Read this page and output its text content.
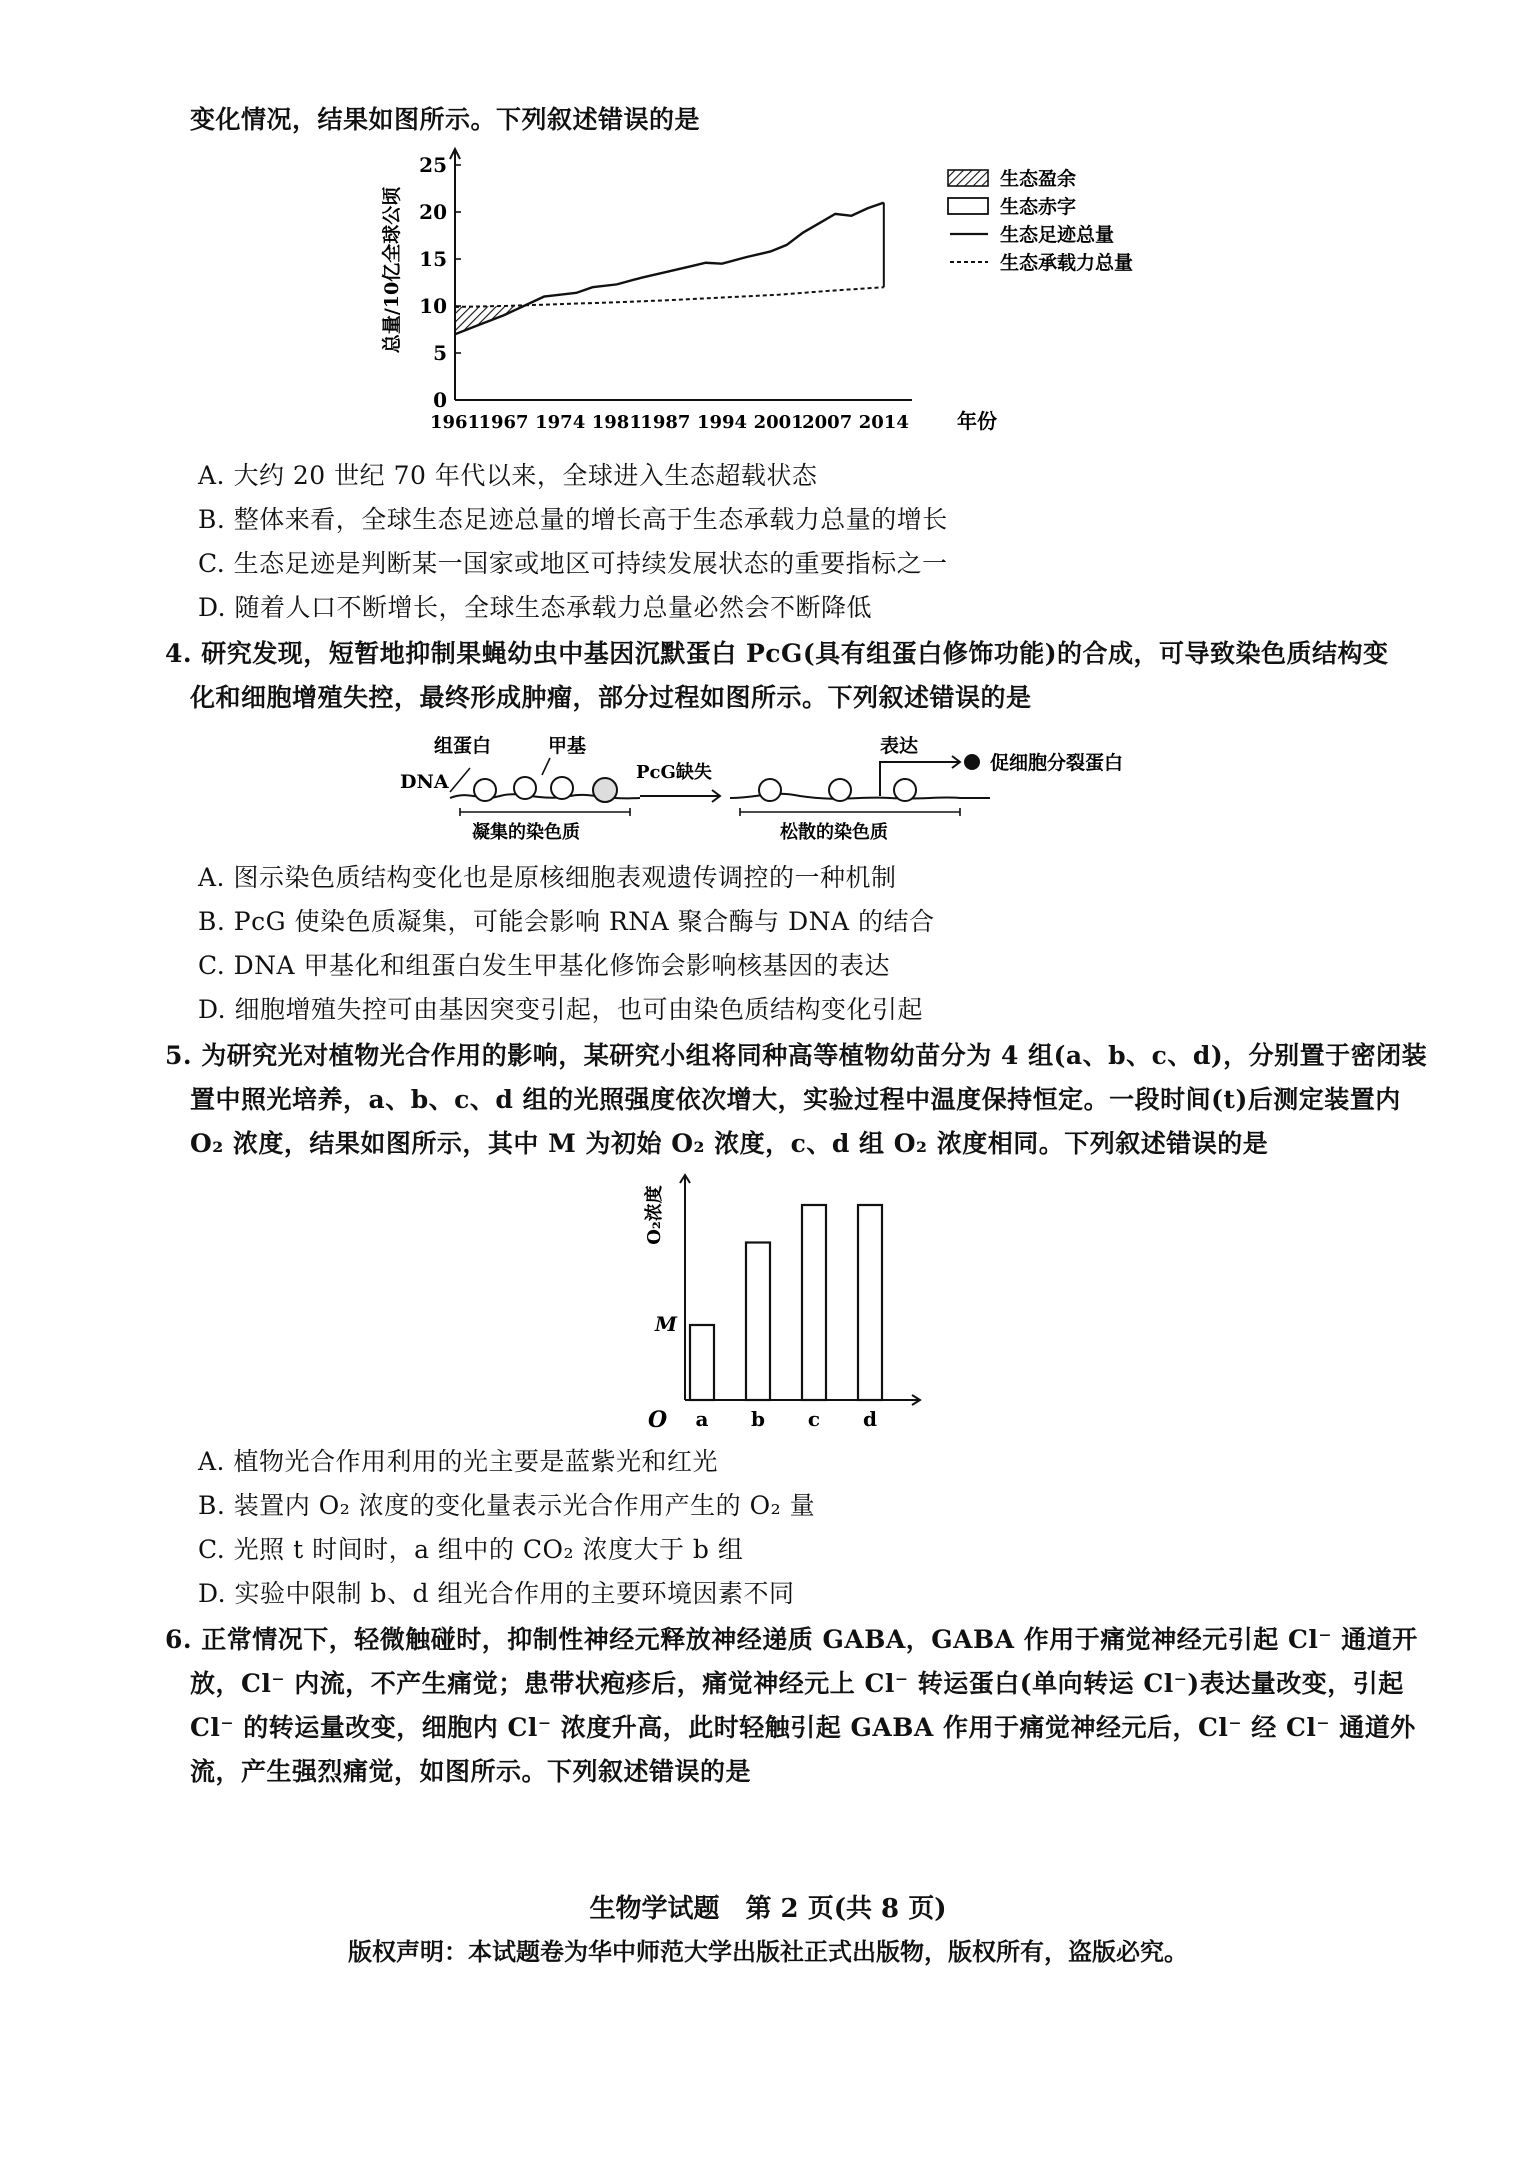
变化情况，结果如图所示。下列叙述错误的是
0
5
10
15
20
25
1961
1967 1974 1981
1987 1994 2001
2007 2014
总量/10亿全球公顷
年份
生态盈余
生态赤字
生态足迹总量
生态承载力总量
A. 大约 20 世纪 70 年代以来，全球进入生态超载状态
B. 整体来看，全球生态足迹总量的增长高于生态承载力总量的增长
C. 生态足迹是判断某一国家或地区可持续发展状态的重要指标之一
D. 随着人口不断增长，全球生态承载力总量必然会不断降低
4. 研究发现，短暂地抑制果蝇幼虫中基因沉默蛋白 PcG(具有组蛋白修饰功能)的合成，可导致染色质结构变
化和细胞增殖失控，最终形成肿瘤，部分过程如图所示。下列叙述错误的是
组蛋白	甲基
DNA	PcG缺失
表达
促细胞分裂蛋白
凝集的染色质	松散的染色质
A. 图示染色质结构变化也是原核细胞表观遗传调控的一种机制
B. PcG 使染色质凝集，可能会影响 RNA 聚合酶与 DNA 的结合
C. DNA 甲基化和组蛋白发生甲基化修饰会影响核基因的表达
D. 细胞增殖失控可由基因突变引起，也可由染色质结构变化引起
5. 为研究光对植物光合作用的影响，某研究小组将同种高等植物幼苗分为 4 组(a、b、c、d)，分别置于密闭装
置中照光培养，a、b、c、d 组的光照强度依次增大，实验过程中温度保持恒定。一段时间(t)后测定装置内
O₂ 浓度，结果如图所示，其中 M 为初始 O₂ 浓度，c、d 组 O₂ 浓度相同。下列叙述错误的是
a b c d
M
O₂浓度
O
A. 植物光合作用利用的光主要是蓝紫光和红光
B. 装置内 O₂ 浓度的变化量表示光合作用产生的 O₂ 量
C. 光照 t 时间时，a 组中的 CO₂ 浓度大于 b 组
D. 实验中限制 b、d 组光合作用的主要环境因素不同
6. 正常情况下，轻微触碰时，抑制性神经元释放神经递质 GABA，GABA 作用于痛觉神经元引起 Cl⁻ 通道开
放，Cl⁻ 内流，不产生痛觉；患带状疱疹后，痛觉神经元上 Cl⁻ 转运蛋白(单向转运 Cl⁻)表达量改变，引起
Cl⁻ 的转运量改变，细胞内 Cl⁻ 浓度升高，此时轻触引起 GABA 作用于痛觉神经元后，Cl⁻ 经 Cl⁻ 通道外
流，产生强烈痛觉，如图所示。下列叙述错误的是
生物学试题　第 2 页(共 8 页)
版权声明：本试题卷为华中师范大学出版社正式出版物，版权所有，盗版必究。
